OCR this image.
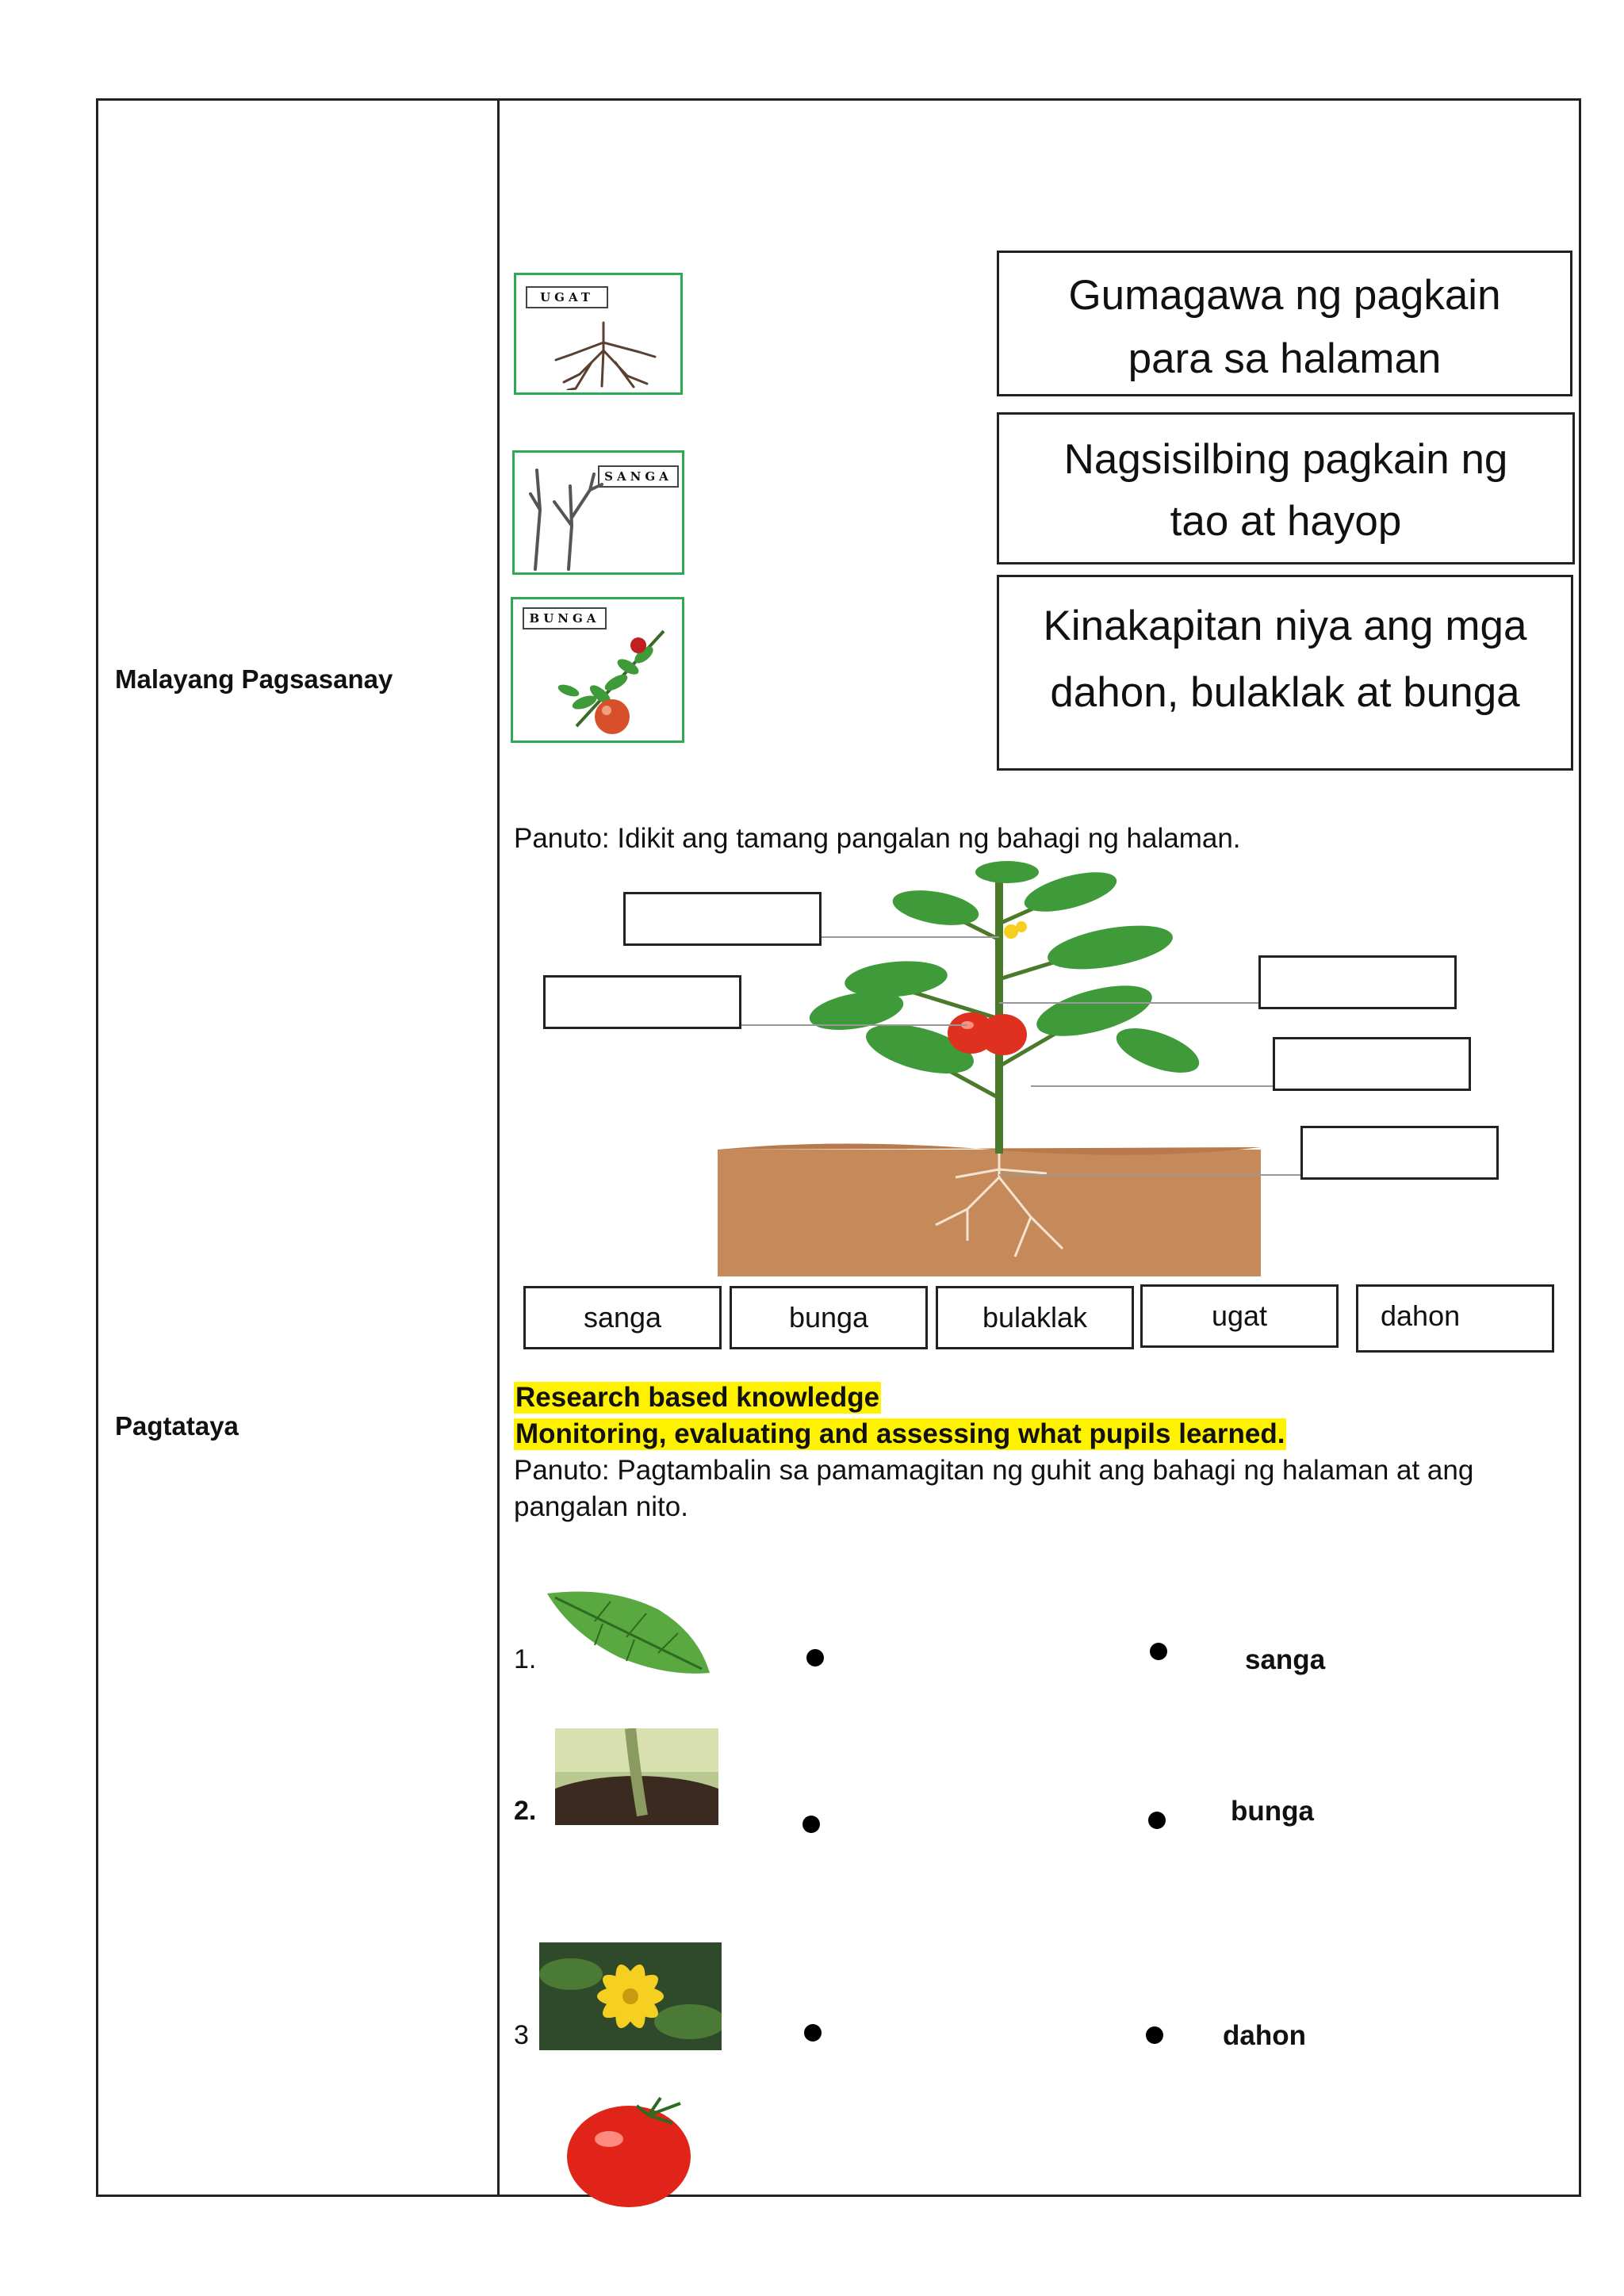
Malayang Pagsasanay
Pagtataya
UGAT
SANGA
BUNGA
Gumagawa ng pagkain
para sa halaman
Nagsisilbing pagkain ng
tao at hayop
Kinakapitan niya ang mga
dahon, bulaklak at bunga
Panuto: Idikit ang tamang pangalan ng bahagi ng halaman.
sanga	bunga	bulaklak	ugat	dahon
Research based knowledge
Monitoring, evaluating and assessing what pupils learned.
Panuto: Pagtambalin sa pamamagitan ng guhit ang bahagi ng halaman at ang
pangalan nito.
1.
2.
3
sanga
bunga
dahon
